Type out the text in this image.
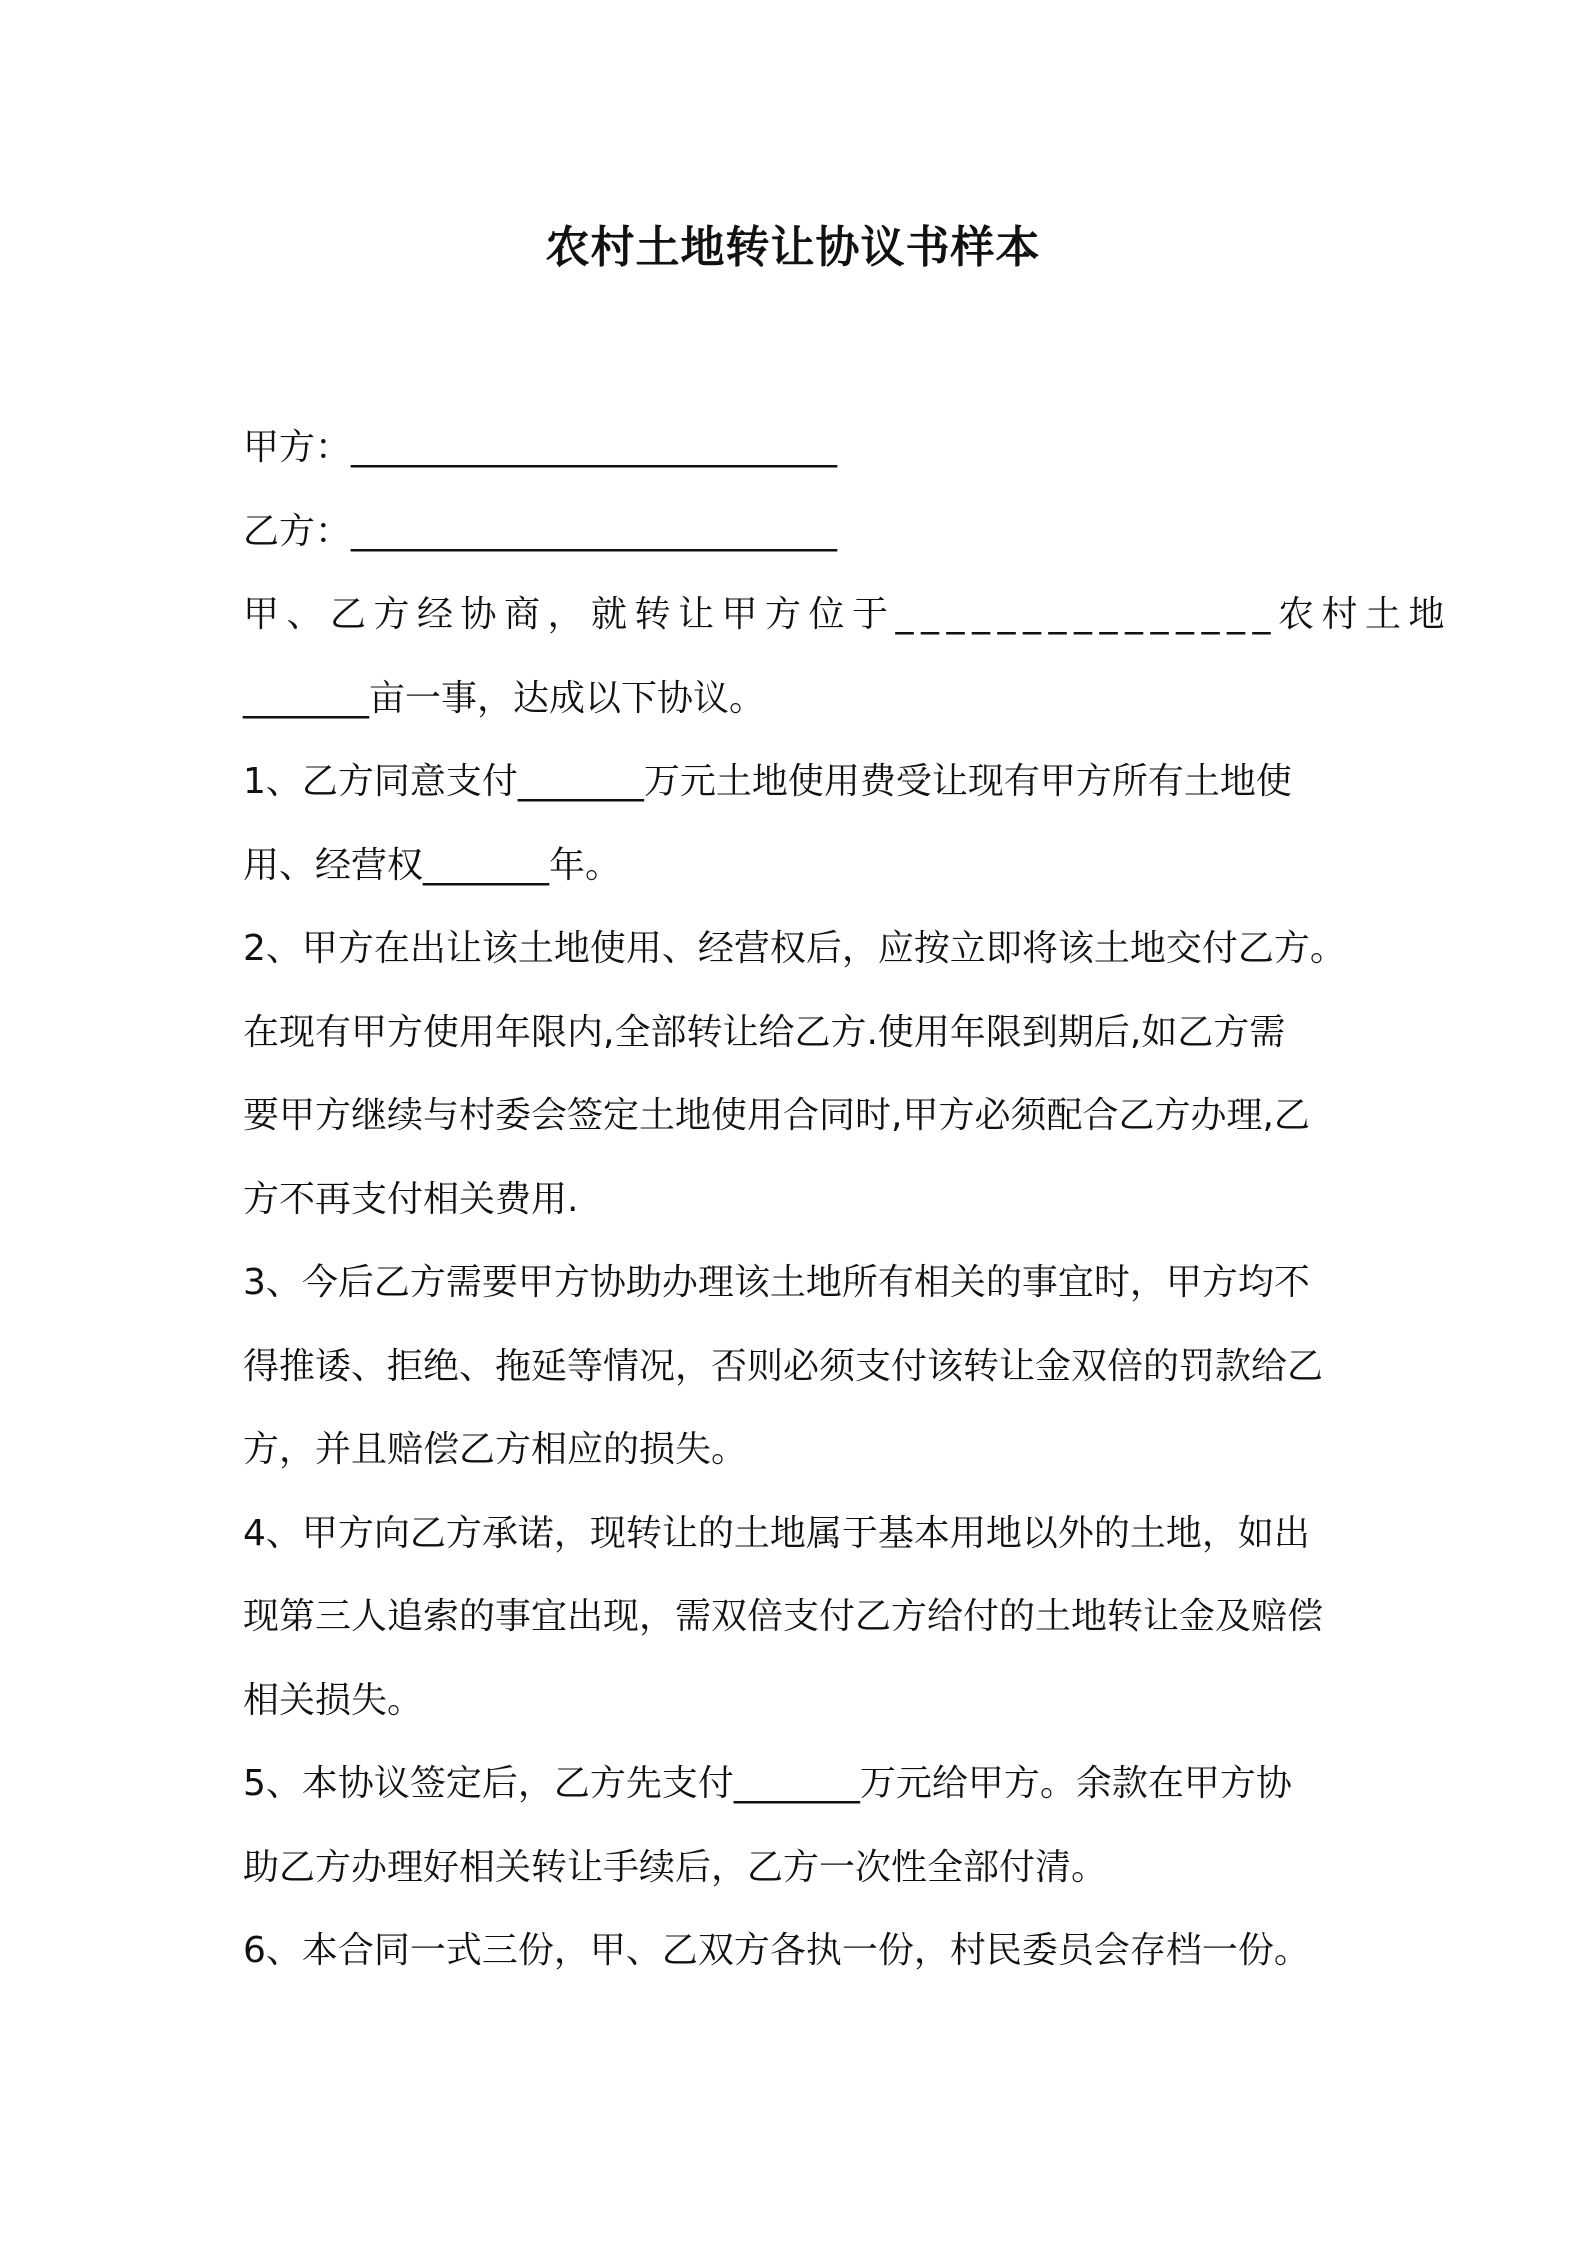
农村土地转让协议书样本
甲方：___________________________
乙方：___________________________
甲、乙方经协商，就转让甲方位于_______________农村土地
_______亩一事，达成以下协议。
1、乙方同意支付_______万元土地使用费受让现有甲方所有土地使
用、经营权_______年。
2、甲方在出让该土地使用、经营权后，应按立即将该土地交付乙方。
在现有甲方使用年限内,全部转让给乙方.使用年限到期后,如乙方需
要甲方继续与村委会签定土地使用合同时,甲方必须配合乙方办理,乙
方不再支付相关费用.
3、今后乙方需要甲方协助办理该土地所有相关的事宜时，甲方均不
得推诿、拒绝、拖延等情况，否则必须支付该转让金双倍的罚款给乙
方，并且赔偿乙方相应的损失。
4、甲方向乙方承诺，现转让的土地属于基本用地以外的土地，如出
现第三人追索的事宜出现，需双倍支付乙方给付的土地转让金及赔偿
相关损失。
5、本协议签定后，乙方先支付_______万元给甲方。余款在甲方协
助乙方办理好相关转让手续后，乙方一次性全部付清。
6、本合同一式三份，甲、乙双方各执一份，村民委员会存档一份。
